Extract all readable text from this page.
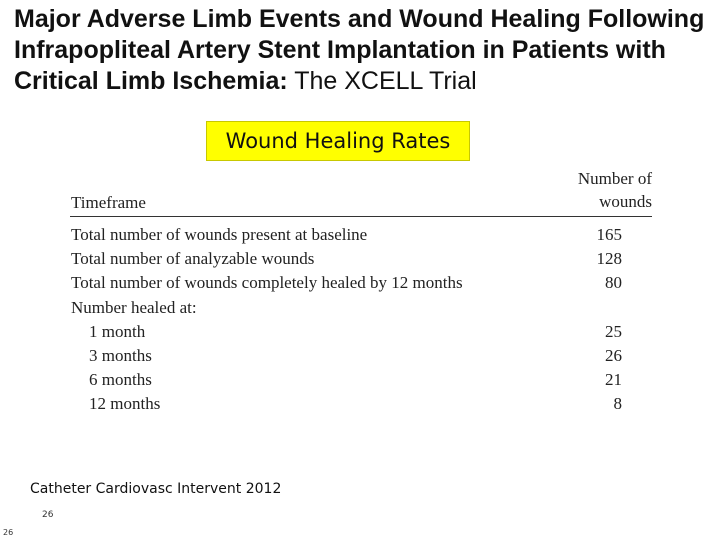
Major Adverse Limb Events and Wound Healing Following Infrapopliteal Artery Stent Implantation in Patients with Critical Limb Ischemia: The XCELL Trial
Wound Healing Rates
Timeframe
Number of
wounds
Total number of wounds present at baseline	165
Total number of analyzable wounds	128
Total number of wounds completely healed by 12 months	80
Number healed at:
1 month	25
3 months	26
6 months	21
12 months	8
Catheter Cardiovasc Intervent 2012
26
26
